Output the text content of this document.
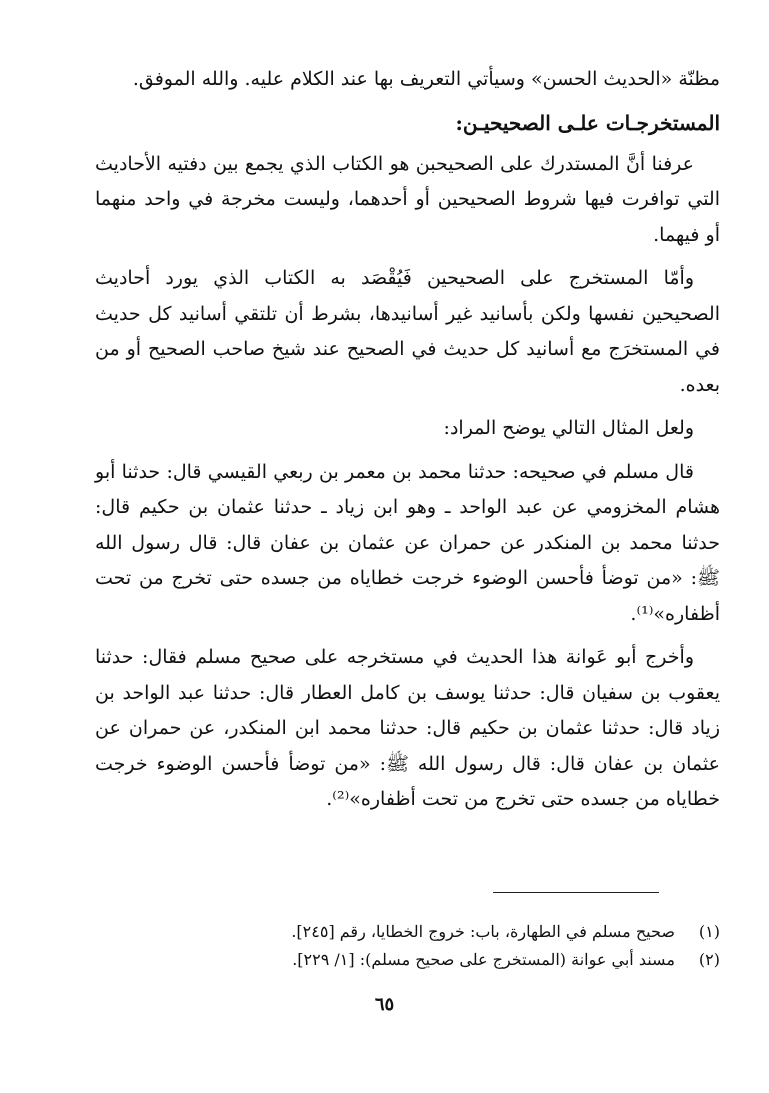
مظنّة «الحديث الحسن» وسيأتي التعريف بها عند الكلام عليه. والله الموفق.

المستخرجـات علـى الصحيحيـن:

عرفنا أنَّ المستدرك على الصحيحبن هو الكتاب الذي يجمع بين دفتيه الأحاديث التي توافرت فيها شروط الصحيحين أو أحدهما، وليست مخرجة في واحد منهما أو فيهما.

وأمّا المستخرج على الصحيحين فَيُقْصَد به الكتاب الذي يورد أحاديث الصحيحين نفسها ولكن بأسانيد غير أسانيدها، بشرط أن تلتقي أسانيد كل حديث في المستخرَج مع أسانيد كل حديث في الصحيح عند شيخ صاحب الصحيح أو من بعده.

ولعل المثال التالي يوضح المراد:

قال مسلم في صحيحه: حدثنا محمد بن معمر بن ربعي القيسي قال: حدثنا أبو هشام المخزومي عن عبد الواحد ـ وهو ابن زياد ـ حدثنا عثمان بن حكيم قال: حدثنا محمد بن المنكدر عن حمران عن عثمان بن عفان قال: قال رسول الله ﷺ: «من توضأ فأحسن الوضوء خرجت خطاياه من جسده حتى تخرج من تحت أظفاره»⁽¹⁾.

وأخرج أبو عَوانة هذا الحديث في مستخرجه على صحيح مسلم فقال: حدثنا يعقوب بن سفيان قال: حدثنا يوسف بن كامل العطار قال: حدثنا عبد الواحد بن زياد قال: حدثنا عثمان بن حكيم قال: حدثنا محمد ابن المنكدر، عن حمران عن عثمان بن عفان قال: قال رسول الله ﷺ: «من توضأ فأحسن الوضوء خرجت خطاياه من جسده حتى تخرج من تحت أظفاره»⁽²⁾.

(١) صحيح مسلم في الطهارة، باب: خروج الخطايا، رقم [٢٤٥].

(٢) مسند أبي عوانة (المستخرج على صحيح مسلم): [١/ ٢٢٩].

٦٥
